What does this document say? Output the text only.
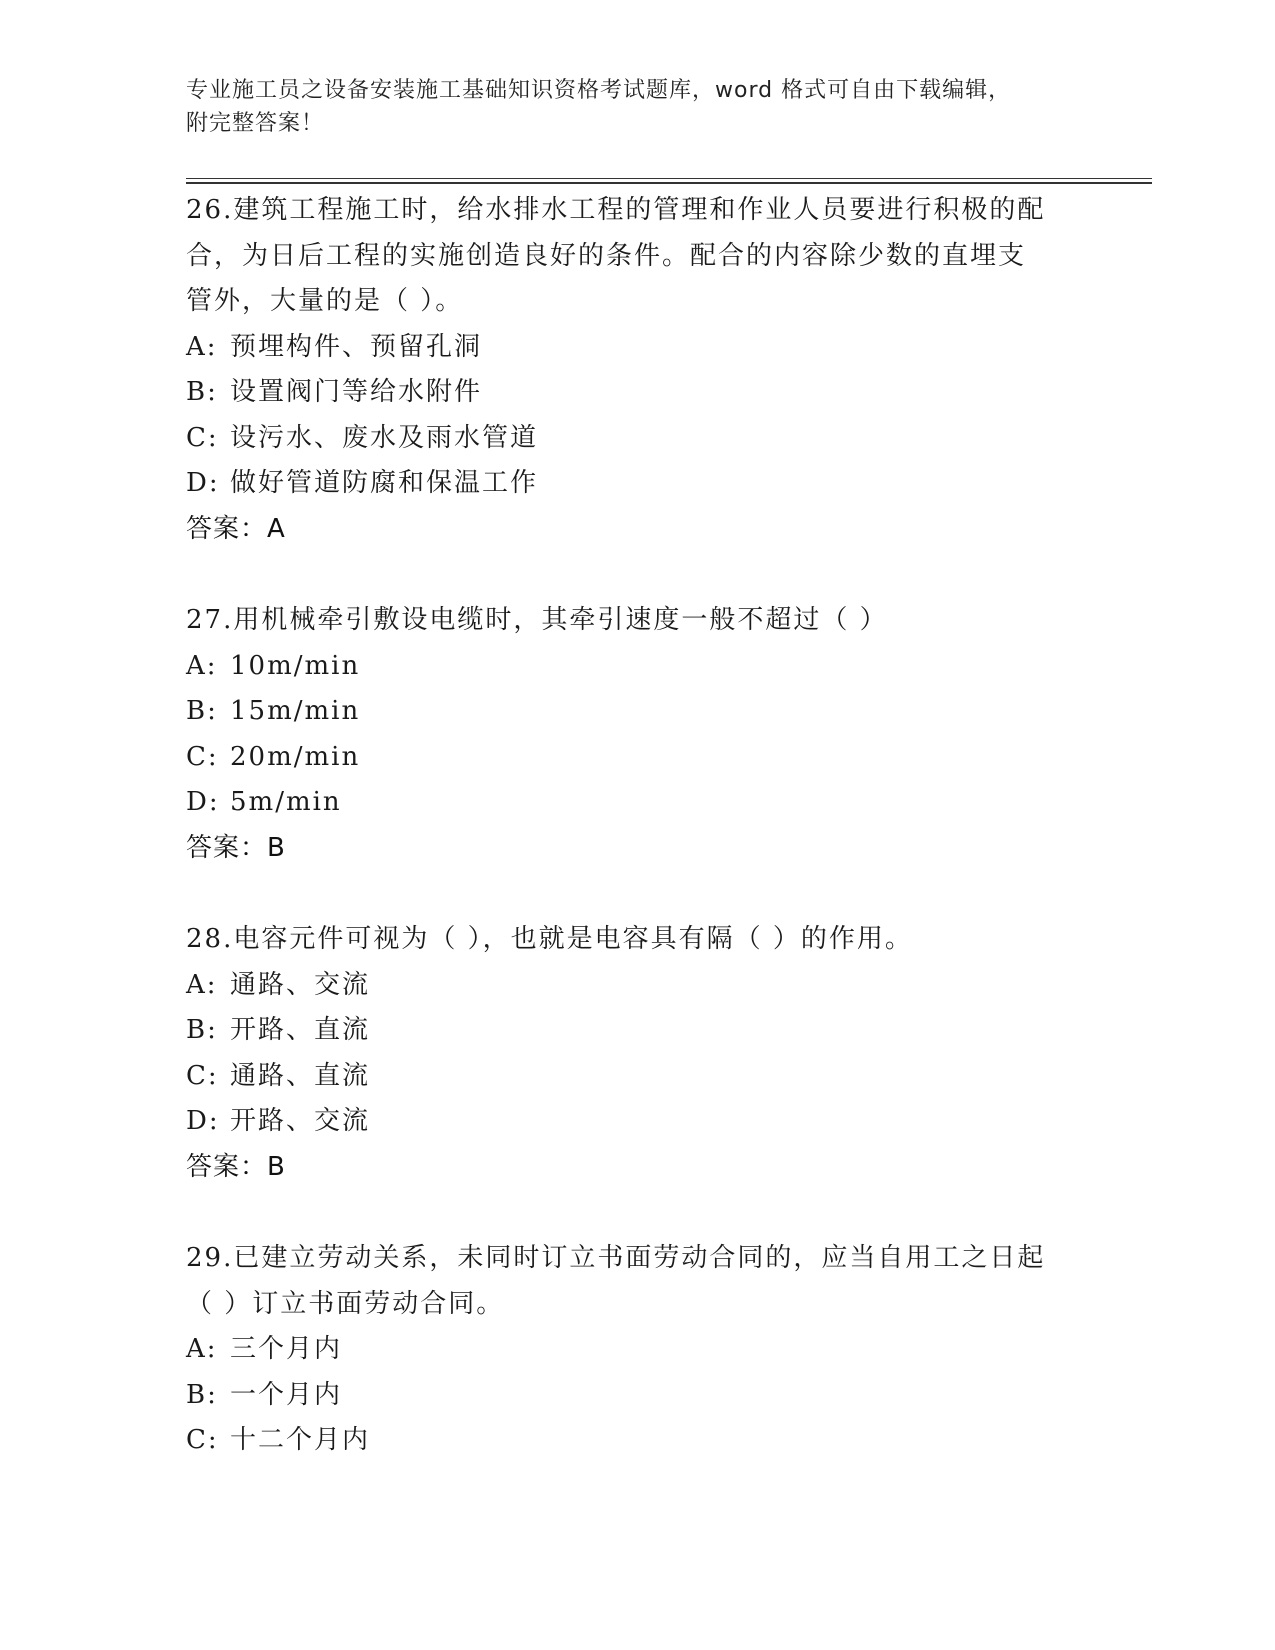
专业施工员之设备安装施工基础知识资格考试题库，word 格式可自由下载编辑，
附完整答案！
26.建筑工程施工时，给水排水工程的管理和作业人员要进行积极的配
合，为日后工程的实施创造良好的条件。配合的内容除少数的直埋支
管外，大量的是（ ）。
A: 预埋构件、预留孔洞
B: 设置阀门等给水附件
C: 设污水、废水及雨水管道
D: 做好管道防腐和保温工作
答案：A
27.用机械牵引敷设电缆时，其牵引速度一般不超过（ ）
A: 10m/min
B: 15m/min
C: 20m/min
D: 5m/min
答案：B
28.电容元件可视为（ ），也就是电容具有隔（ ）的作用。
A: 通路、交流
B: 开路、直流
C: 通路、直流
D: 开路、交流
答案：B
29.已建立劳动关系，未同时订立书面劳动合同的，应当自用工之日起
（ ）订立书面劳动合同。
A: 三个月内
B: 一个月内
C: 十二个月内
